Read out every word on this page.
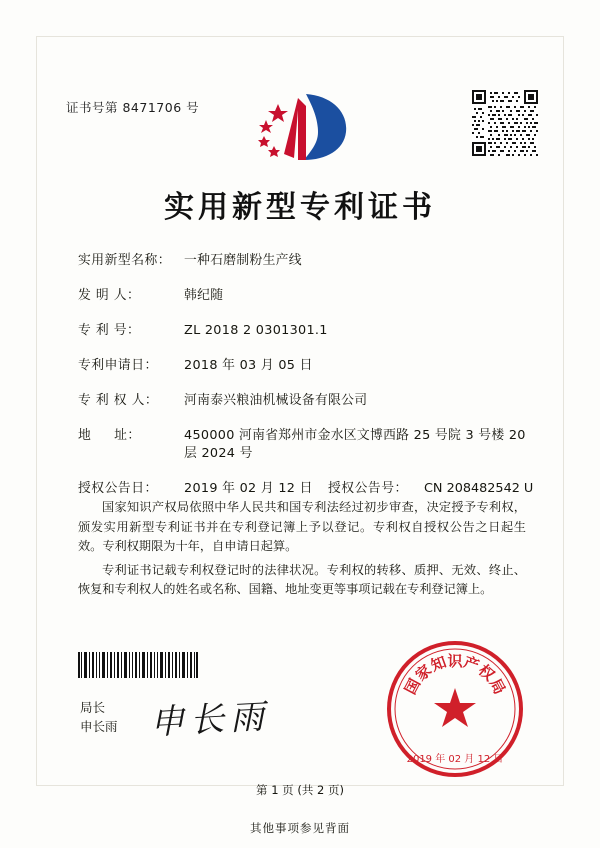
证书号第 8471706 号
实用新型专利证书
实用新型名称：	一种石磨制粉生产线
发 明 人：	韩纪随
专 利 号：	ZL 2018 2 0301301.1
专利申请日：	2018 年 03 月 05 日
专 利 权 人：	河南泰兴粮油机械设备有限公司
地     址：	450000 河南省郑州市金水区文博西路 25 号院 3 号楼 20 层 2024 号
授权公告日：	2019 年 02 月 12 日	授权公告号：	CN 208482542 U

国家知识产权局依照中华人民共和国专利法经过初步审查，决定授予专利权，颁发实用新型专利证书并在专利登记簿上予以登记。专利权自授权公告之日起生效。专利权期限为十年，自申请日起算。

专利证书记载专利权登记时的法律状况。专利权的转移、质押、无效、终止、恢复和专利权人的姓名或名称、国籍、地址变更等事项记载在专利登记簿上。

局长
申长雨 申长雨
国
家
知
识
产
权
局
2019 年 02 月 12 日
第 1 页 (共 2 页)
其他事项参见背面
